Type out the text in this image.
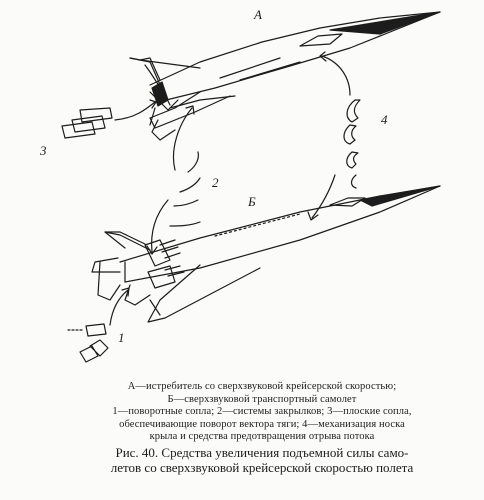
А
Б
1
2
3
4
А—истребитель со сверхзвуковой крейсерской скоростью;
Б—сверхзвуковой транспортный самолет
1—поворотные сопла; 2—системы закрылков; 3—плоские сопла,
обеспечивающие поворот вектора тяги; 4—механизация носка
крыла и средства предотвращения отрыва потока
Рис. 40. Средства увеличения подъемной силы само-
летов со сверхзвуковой крейсерской скоростью полета
